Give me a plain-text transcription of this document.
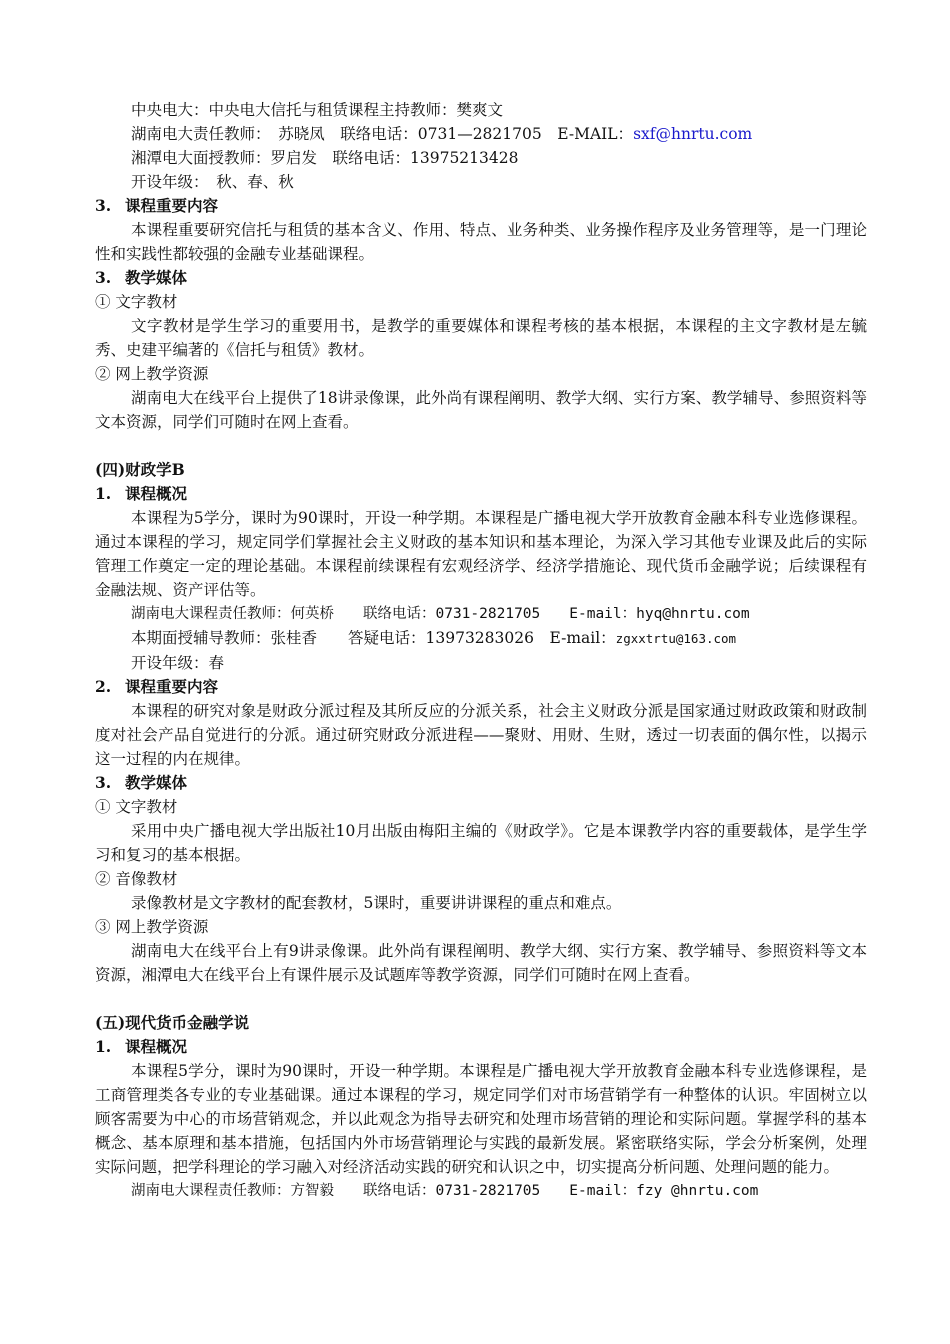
中央电大：中央电大信托与租赁课程主持教师：樊爽文
湖南电大责任教师：　苏晓凤　联络电话：0731—2821705　E-MAIL：sxf@hnrtu.com
湘潭电大面授教师：罗启发　联络电话：13975213428
开设年级：　秋、春、秋
3. 课程重要内容
本课程重要研究信托与租赁的基本含义、作用、特点、业务种类、业务操作程序及业务管理等，是一门理论性和实践性都较强的金融专业基础课程。
3. 教学媒体
① 文字教材
文字教材是学生学习的重要用书，是教学的重要媒体和课程考核的基本根据，本课程的主文字教材是左毓秀、史建平编著的《信托与租赁》教材。
② 网上教学资源
湖南电大在线平台上提供了18讲录像课，此外尚有课程阐明、教学大纲、实行方案、教学辅导、参照资料等文本资源，同学们可随时在网上查看。
(四)财政学B
1. 课程概况
本课程为5学分，课时为90课时，开设一种学期。本课程是广播电视大学开放教育金融本科专业选修课程。通过本课程的学习，规定同学们掌握社会主义财政的基本知识和基本理论，为深入学习其他专业课及此后的实际管理工作奠定一定的理论基础。本课程前续课程有宏观经济学、经济学措施论、现代货币金融学说；后续课程有金融法规、资产评估等。
湖南电大课程责任教师：何英桥　　联络电话：0731-2821705　　E-mail：hyq@hnrtu.com
本期面授辅导教师：张桂香　　答疑电话：13973283026　E-mail：zgxxtrtu@163.com
开设年级：春
2. 课程重要内容
本课程的研究对象是财政分派过程及其所反应的分派关系，社会主义财政分派是国家通过财政政策和财政制度对社会产品自觉进行的分派。通过研究财政分派进程——聚财、用财、生财，透过一切表面的偶尔性，以揭示这一过程的内在规律。
3. 教学媒体
① 文字教材
采用中央广播电视大学出版社10月出版由梅阳主编的《财政学》。它是本课教学内容的重要载体，是学生学习和复习的基本根据。
② 音像教材
录像教材是文字教材的配套教材，5课时，重要讲讲课程的重点和难点。
③ 网上教学资源
湖南电大在线平台上有9讲录像课。此外尚有课程阐明、教学大纲、实行方案、教学辅导、参照资料等文本资源，湘潭电大在线平台上有课件展示及试题库等教学资源，同学们可随时在网上查看。
(五)现代货币金融学说
1. 课程概况
本课程5学分，课时为90课时，开设一种学期。本课程是广播电视大学开放教育金融本科专业选修课程，是工商管理类各专业的专业基础课。通过本课程的学习，规定同学们对市场营销学有一种整体的认识。牢固树立以顾客需要为中心的市场营销观念，并以此观念为指导去研究和处理市场营销的理论和实际问题。掌握学科的基本概念、基本原理和基本措施，包括国内外市场营销理论与实践的最新发展。紧密联络实际，学会分析案例，处理实际问题，把学科理论的学习融入对经济活动实践的研究和认识之中，切实提高分析问题、处理问题的能力。
湖南电大课程责任教师：方智毅　　联络电话：0731-2821705　　E-mail：fzy @hnrtu.com
